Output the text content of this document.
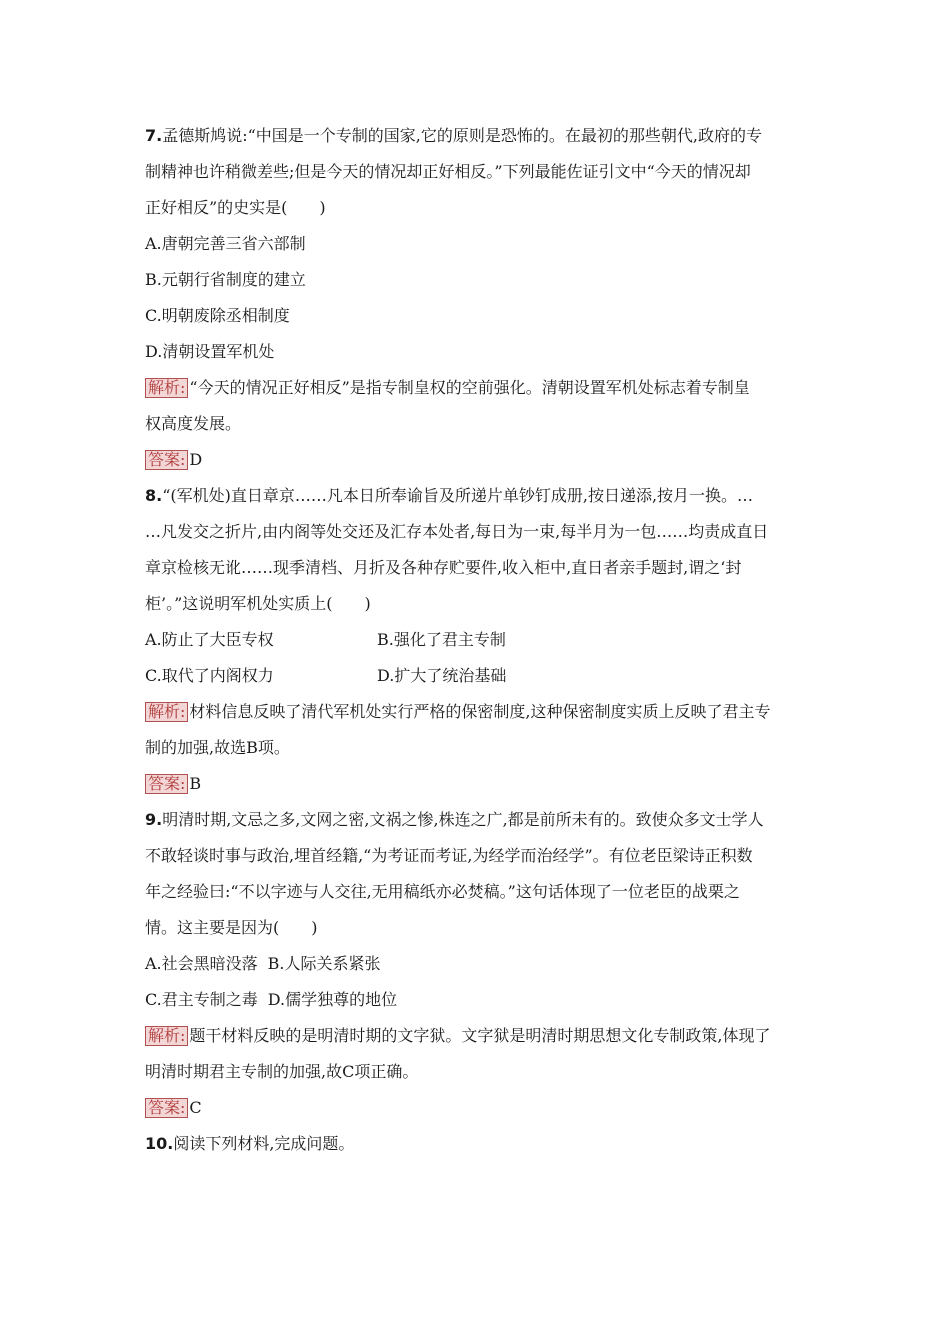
7.孟德斯鸠说:“中国是一个专制的国家,它的原则是恐怖的。在最初的那些朝代,政府的专

制精神也许稍微差些;但是今天的情况却正好相反。”下列最能佐证引文中“今天的情况却

正好相反”的史实是(　　)

A.唐朝完善三省六部制

B.元朝行省制度的建立

C.明朝废除丞相制度

D.清朝设置军机处

解析: “今天的情况正好相反”是指专制皇权的空前强化。清朝设置军机处标志着专制皇

权高度发展。

答案: D

8.“(军机处)直日章京……凡本日所奉谕旨及所递片单钞钉成册,按日递添,按月一换。…

…凡发交之折片,由内阁等处交还及汇存本处者,每日为一束,每半月为一包……均责成直日

章京检核无讹……现季清档、月折及各种存贮要件,收入柜中,直日者亲手题封,谓之‘封

柜’。”这说明军机处实质上(　　)

A.防止了大臣专权	B.强化了君主专制
C.取代了内阁权力	D.扩大了统治基础

解析: 材料信息反映了清代军机处实行严格的保密制度,这种保密制度实质上反映了君主专

制的加强,故选B项。

答案: B

9.明清时期,文忌之多,文网之密,文祸之惨,株连之广,都是前所未有的。致使众多文士学人

不敢轻谈时事与政治,埋首经籍,“为考证而考证,为经学而治经学”。有位老臣梁诗正积数

年之经验曰:“不以字迹与人交往,无用稿纸亦必焚稿。”这句话体现了一位老臣的战栗之

情。这主要是因为(　　)

A.社会黑暗没落 B.人际关系紧张

C.君主专制之毒 D.儒学独尊的地位

解析: 题干材料反映的是明清时期的文字狱。文字狱是明清时期思想文化专制政策,体现了

明清时期君主专制的加强,故C项正确。

答案: C

10.阅读下列材料,完成问题。
